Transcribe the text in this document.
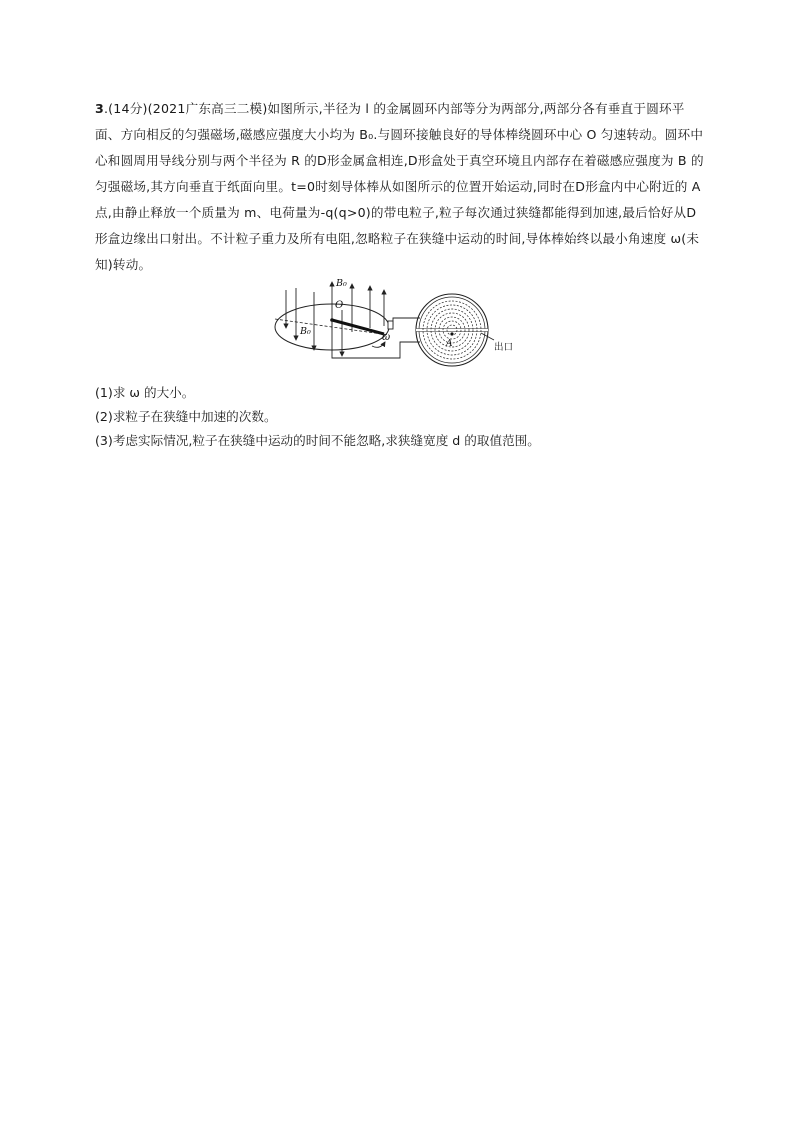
3.(14分)(2021广东高三二模)如图所示,半径为 l 的金属圆环内部等分为两部分,两部分各有垂直于圆环平面、方向相反的匀强磁场,磁感应强度大小均为 B₀.与圆环接触良好的导体棒绕圆环中心 O 匀速转动。圆环中心和圆周用导线分别与两个半径为 R 的D形金属盒相连,D形盒处于真空环境且内部存在着磁感应强度为 B 的匀强磁场,其方向垂直于纸面向里。t=0时刻导体棒从如图所示的位置开始运动,同时在D形盒内中心附近的 A 点,由静止释放一个质量为 m、电荷量为-q(q>0)的带电粒子,粒子每次通过狭缝都能得到加速,最后恰好从D形盒边缘出口射出。不计粒子重力及所有电阻,忽略粒子在狭缝中运动的时间,导体棒始终以最小角速度 ω(未知)转动。

B₀
O
B₀
ω
A	出口

(1)求 ω 的大小。

(2)求粒子在狭缝中加速的次数。

(3)考虑实际情况,粒子在狭缝中运动的时间不能忽略,求狭缝宽度 d 的取值范围。
